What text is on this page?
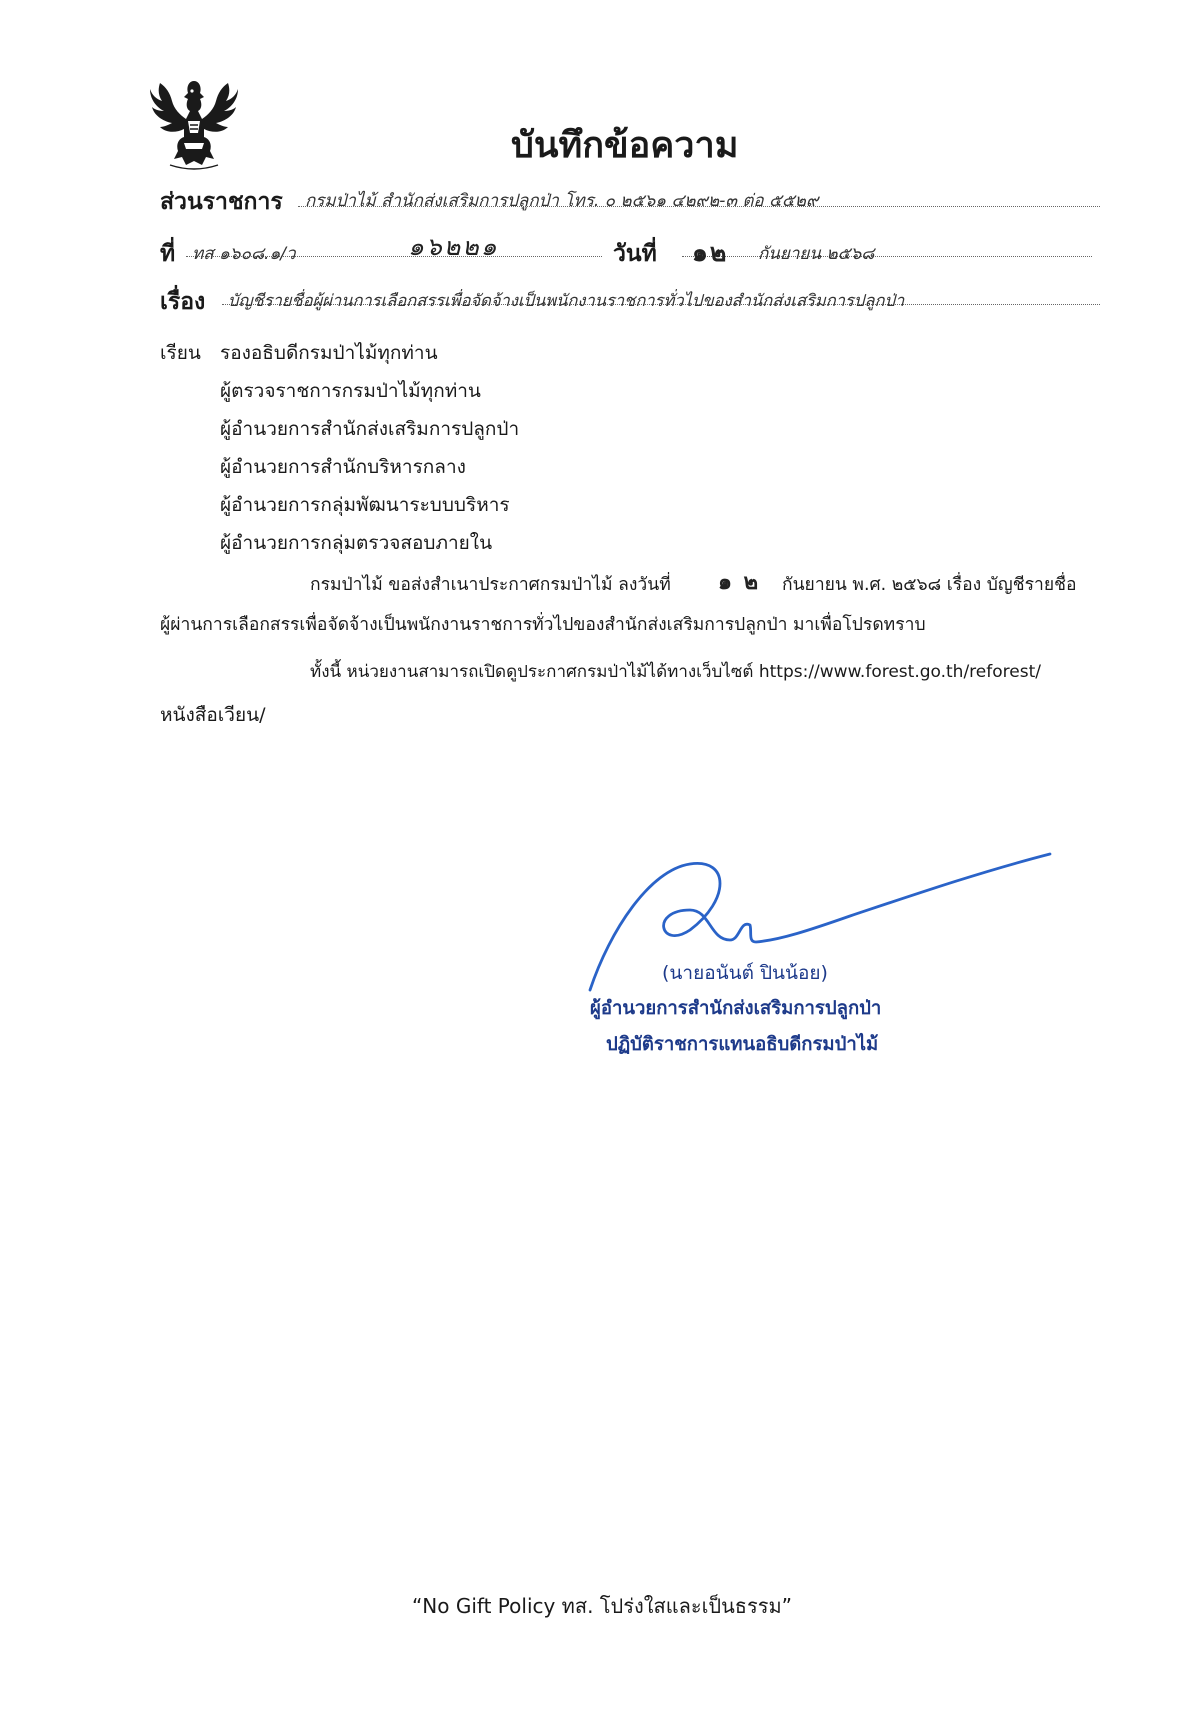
บันทึกข้อความ
ส่วนราชการ กรมป่าไม้ สำนักส่งเสริมการปลูกป่า โทร. ๐ ๒๕๖๑ ๔๒๙๒-๓ ต่อ ๕๕๒๙
ที่ ทส ๑๖๐๘.๑/ว	๑๖๒๒๑	วันที่ ๑๒ กันยายน ๒๕๖๘
เรื่อง บัญชีรายชื่อผู้ผ่านการเลือกสรรเพื่อจัดจ้างเป็นพนักงานราชการทั่วไปของสำนักส่งเสริมการปลูกป่า
เรียน รองอธิบดีกรมป่าไม้ทุกท่าน
ผู้ตรวจราชการกรมป่าไม้ทุกท่าน
ผู้อำนวยการสำนักส่งเสริมการปลูกป่า
ผู้อำนวยการสำนักบริหารกลาง
ผู้อำนวยการกลุ่มพัฒนาระบบบริหาร
ผู้อำนวยการกลุ่มตรวจสอบภายใน
กรมป่าไม้ ขอส่งสำเนาประกาศกรมป่าไม้ ลงวันที่ ๑ ๒ กันยายน พ.ศ. ๒๕๖๘ เรื่อง บัญชีรายชื่อ
ผู้ผ่านการเลือกสรรเพื่อจัดจ้างเป็นพนักงานราชการทั่วไปของสำนักส่งเสริมการปลูกป่า มาเพื่อโปรดทราบ
ทั้งนี้ หน่วยงานสามารถเปิดดูประกาศกรมป่าไม้ได้ทางเว็บไซต์ https://www.forest.go.th/reforest/
หนังสือเวียน/
(นายอนันต์ ปินน้อย)
ผู้อำนวยการสำนักส่งเสริมการปลูกป่า
ปฏิบัติราชการแทนอธิบดีกรมป่าไม้
“No Gift Policy ทส. โปร่งใสและเป็นธรรม”
